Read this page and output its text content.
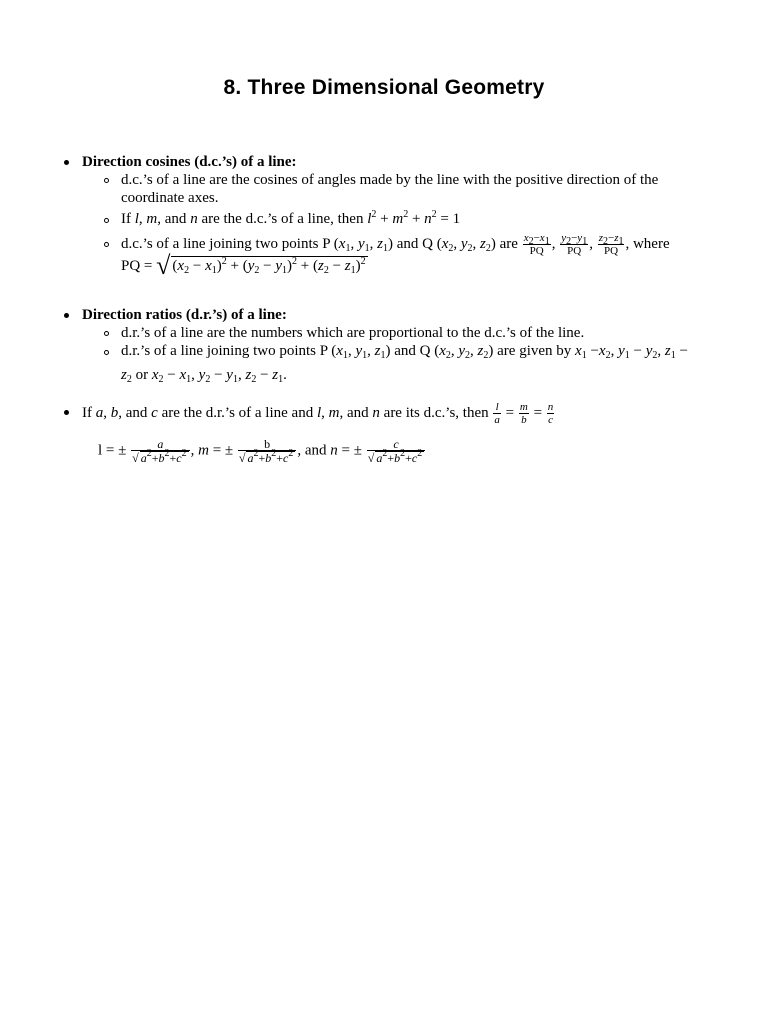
8. Three Dimensional Geometry
Direction cosines (d.c.’s) of a line:
d.c.’s of a line are the cosines of angles made by the line with the positive direction of the
coordinate axes.
If l, m, and n are the d.c.’s of a line, then $l^2 + m^2 + n^2 = 1$
d.c.’s of a line joining two points P ($x_1$, $y_1$, $z_1$) and Q ($x_2$, $y_2$, $z_2$) are $\frac{x_2-x_1}{PQ}$ , $\frac{y_2-y_1}{PQ}$ , $\frac{z_2-z_1}{PQ}$ , where
PQ = √ $(x_2 - x_1)^2 + (y_2 - y_1)^2 + (z_2 - z_1)^2$
Direction ratios (d.r.’s) of a line:
d.r.’s of a line are the numbers which are proportional to the d.c.’s of the line.
d.r.’s of a line joining two points P ($x_1$, $y_1$, $z_1$) and Q ($x_2$, $y_2$, $z_2$) are given by $x_1 -x_2$, $y_1 - y_2$, $z_1$ −
$z_2$ or $x_2 - x_1$, $y_2 - y_1$, $z_2 - z_1$.
If a, b, and c are the d.r.’s of a line and l, m, and n are its d.c.’s, then $\frac{l}{a} = \frac{m}{b} = \frac{n}{c}$
l = ± $\frac{a}{√ a^2+b^2+c^2}$ , m = ± $\frac{b}{√ a^2+b^2+c^2}$ , and n = ± $\frac{c}{√ a^2+b^2+c^2}$
